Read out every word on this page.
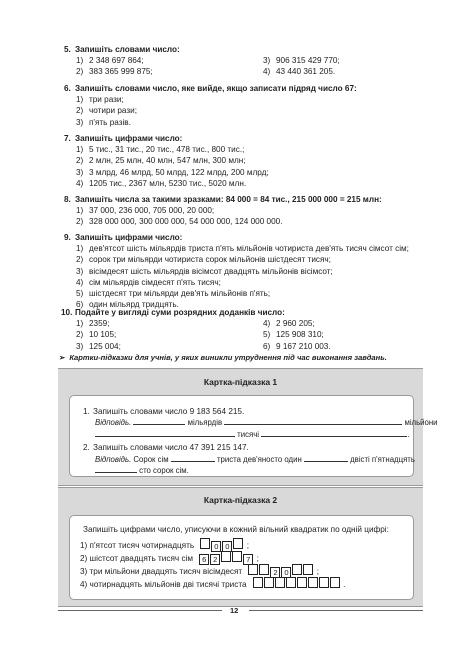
5. Запишіть словами число:
1) 2 348 697 864;	3) 906 315 429 770;
2) 383 365 999 875;	4) 43 440 361 205.
6. Запишіть словами число, яке вийде, якщо записати підряд число 67:
1) три рази;
2) чотири рази;
3) п'ять разів.
7. Запишіть цифрами число:
1) 5 тис., 31 тис., 20 тис., 478 тис., 800 тис.;
2) 2 млн, 25 млн, 40 млн, 547 млн, 300 млн;
3) 3 млрд, 46 млрд, 50 млрд, 122 млрд, 200 млрд;
4) 1205 тис., 2367 млн, 5230 тис., 5020 млн.
8. Запишіть числа за такими зразками: 84 000 = 84 тис., 215 000 000 = 215 млн:
1) 37 000, 236 000, 705 000, 20 000;
2) 328 000 000, 300 000 000, 54 000 000, 124 000 000.
9. Запишіть цифрами число:
1) дев'ятсот шість мільярдів триста п'ять мільйонів чотириста дев'ять тисяч сімсот сім;
2) сорок три мільярди чотириста сорок мільйонів шістдесят тисяч;
3) вісімдесят шість мільярдів вісімсот двадцять мільйонів вісімсот;
4) сім мільярдів сімдесят п'ять тисяч;
5) шістдесят три мільярди дев'ять мільйонів п'ять;
6) один мільярд тридцять.
10. Подайте у вигляді суми розрядних доданків число:
1) 2359;	4) 2 960 205;
2) 10 105;	5) 125 908 310;
3) 125 004;	6) 9 167 210 003.
➢ Картки-підказки для учнів, у яких виникли утруднення під час виконання завдань.
Картка-підказка 1
1. Запишіть словами число 9 183 564 215.
Відповідь.	мільярдів	мільйони
тисячі	.
2. Запишіть словами число 47 391 215 147.
Відповідь. Сорок сім	триста дев'яносто один	двісті п'ятнадцять
сто сорок сім.
Картка-підказка 2
Запишіть цифрами число, уписуючи в кожний вільний квадратик по одній цифрі:
1) п'ятсот тисяч чотирнадцять	0 0 ;
2) шістсот двадцять тисяч сім 6 2	7 ;
3) три мільйони двадцять тисяч вісімдесят	2 0	;
4) чотирнадцять мільйонів дві тисячі триста	.
12
